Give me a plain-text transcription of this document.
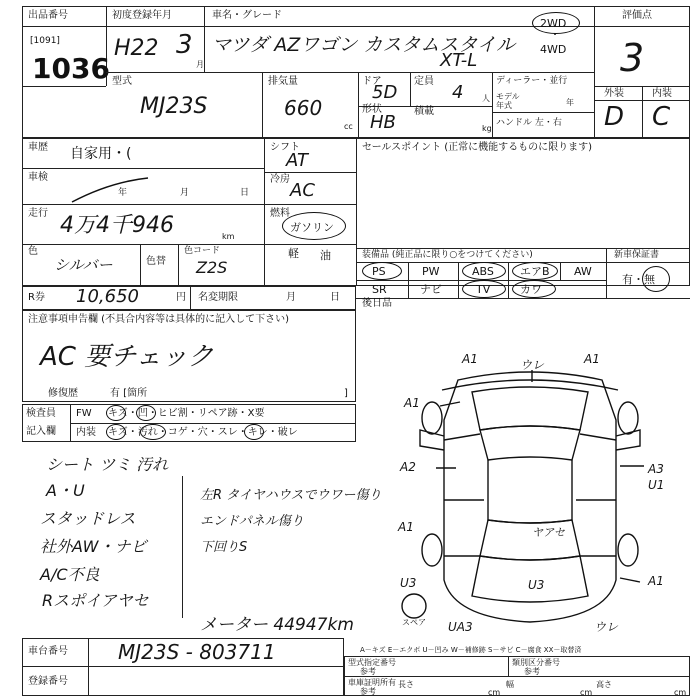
出品番号
[1091]
1036
初度登録年月
H22 3
月
車名・グレード
マツダ AZワゴン カスタムスタイル
XT-L
2WD
・
4WD
評価点
3
外装	内装
D C
型式
MJ23S
排気量
660
cc
ドア
5D
定員
4 人
形状
HB
積載
kg
ディーラー・並行
モデル
年式	年
ハンドル 左・右
車歴 自家用・(
車検
年	月	日
走行 4万4千946	km
色
シルバー	色替
色コード
Z2S
シフト
AT
冷房
AC
燃料
ガソリン
軽 油
セールスポイント (正常に機能するものに限ります)
装備品 (純正品に限り○をつけてください)
PS	PW	ABS エアB AW
SR	ナビ	TV	カワ
後日品
新車保証書
有・無
R券 10,650	円 名変期限	月	日
注意事項申告欄 (不具合内容等は具体的に記入して下さい)
AC 要チェック
修復歴	有 [箇所	]
検査員
記入欄
FW キズ・凹・ヒビ割・リペア跡・X要
内装 キズ・汚れ・コゲ・穴・スレ・キレ・破レ
シート ツミ 汚れ
A・U
スタッドレス
社外AW・ナビ
A/C不良
Rスポイアヤセ
左R タイヤハウスでウワー傷り
エンドパネル傷り
下回りS
メーター 44947km
A1	ウレ	A1
A1
A2	A3
U1
A1	ヤアセ
U3	U3	A1
UA3	ウレ
スペア
A－キズ E－エクボ U－凹み W－補修跡 S－サビ C－腐食 XX－取替済
車台番号	MJ23S - 803711
登録番号
型式指定番号
参考
類別区分番号
参考
車庫証明所有
参考
長さ
cm
幅
cm
高さ
cm
